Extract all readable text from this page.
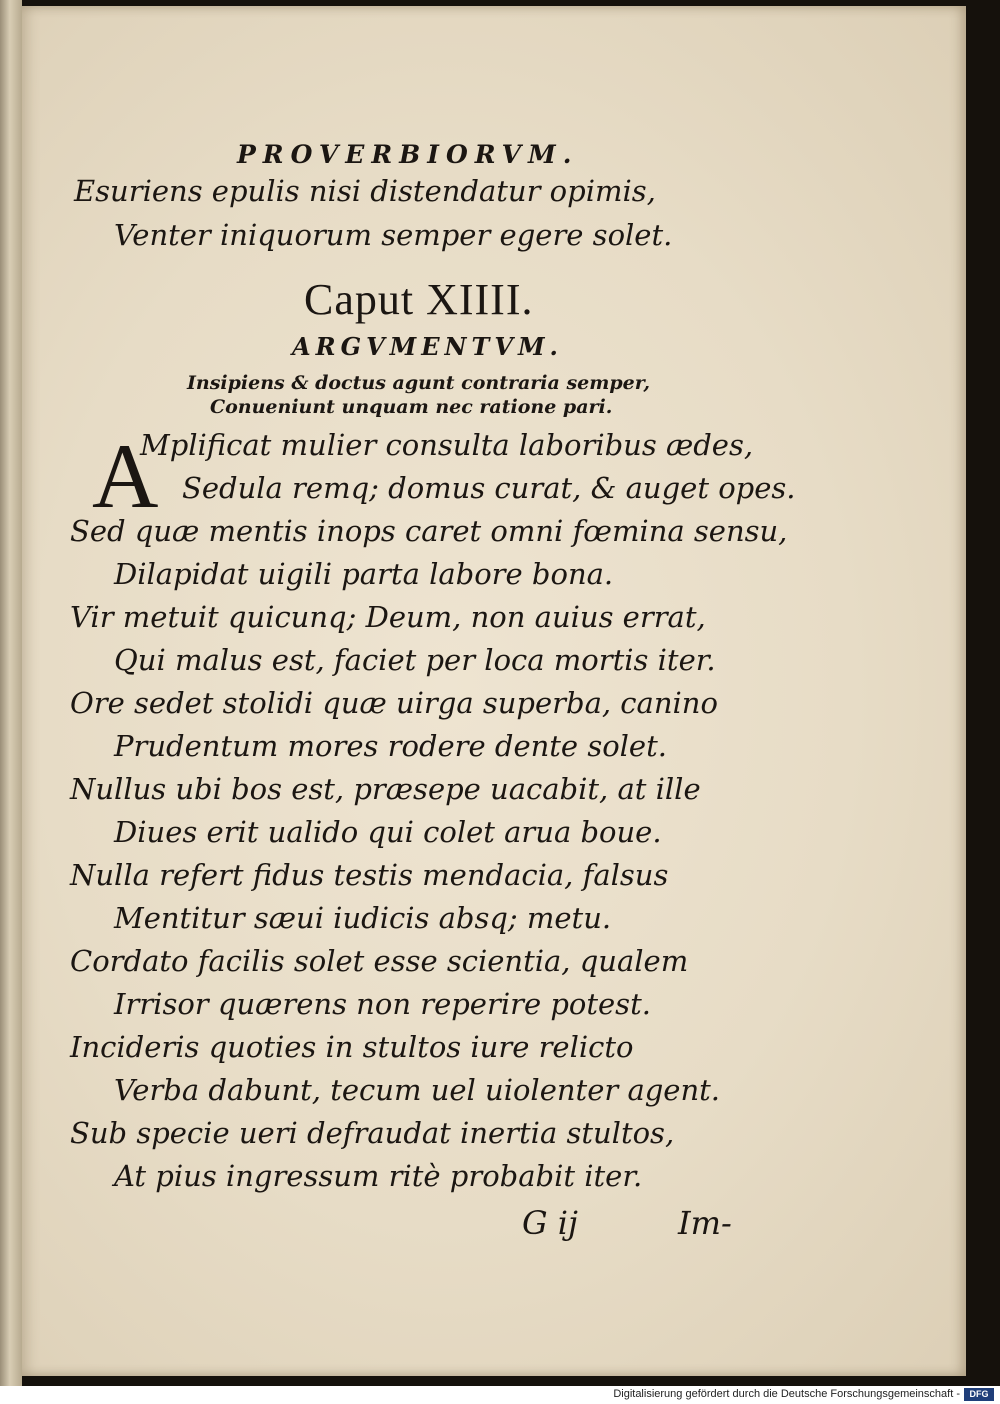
PROVERBIORVM.
Esuriens epulis nisi distendatur opimis,
Venter iniquorum semper egere solet.
Caput XIIII.
ARGVMENTVM.
Insipiens & doctus agunt contraria semper,
Conueniunt unquam nec ratione pari.
A
Mplificat mulier consulta laboribus ædes,
Sedula remq; domus curat, & auget opes.
Sed quæ mentis inops caret omni fœmina sensu,
Dilapidat uigili parta labore bona.
Vir metuit quicunq; Deum, non auius errat,
Qui malus est, faciet per loca mortis iter.
Ore sedet stolidi quæ uirga superba, canino
Prudentum mores rodere dente solet.
Nullus ubi bos est, præsepe uacabit, at ille
Diues erit ualido qui colet arua boue.
Nulla refert fidus testis mendacia, falsus
Mentitur sæui iudicis absq; metu.
Cordato facilis solet esse scientia, qualem
Irrisor quærens non reperire potest.
Incideris quoties in stultos iure relicto
Verba dabunt, tecum uel uiolenter agent.
Sub specie ueri defraudat inertia stultos,
At pius ingressum ritè probabit iter.
G ij	Im-
Digitalisierung gefördert durch die Deutsche Forschungsgemeinschaft -	DFG
